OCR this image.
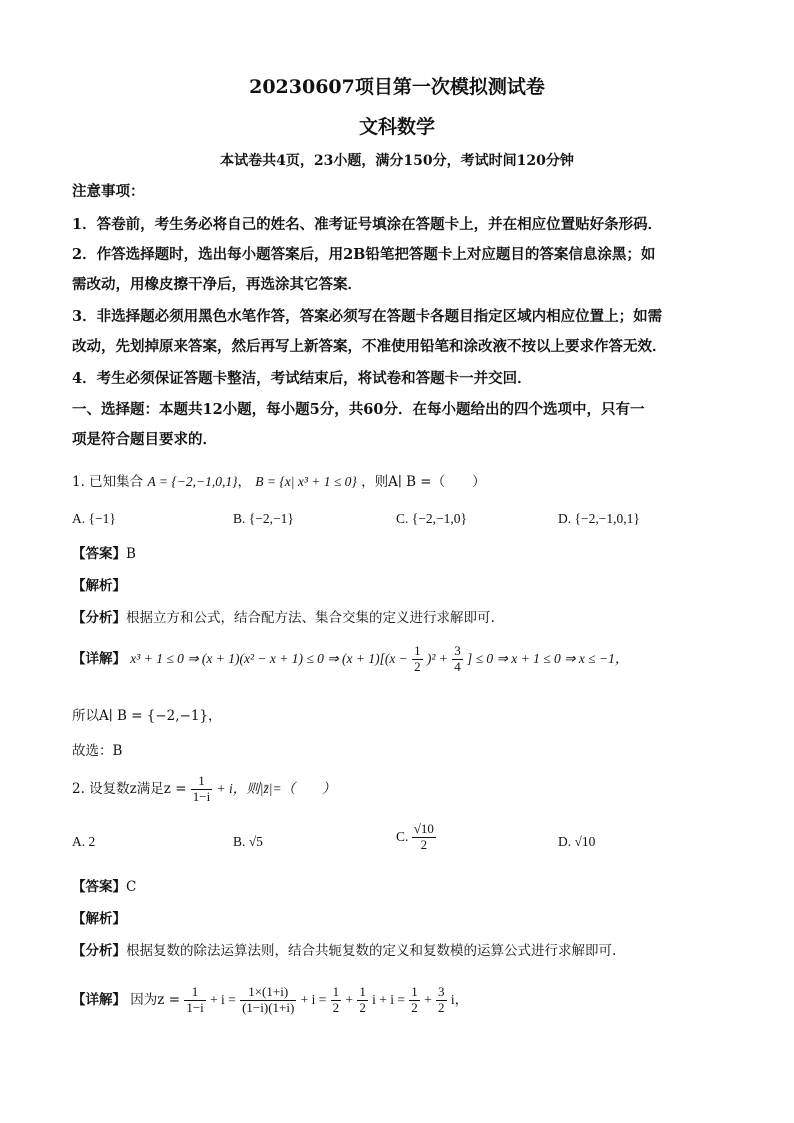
20230607项目第一次模拟测试卷
文科数学
本试卷共4页，23小题，满分150分，考试时间120分钟
注意事项：
1．答卷前，考生务必将自己的姓名、准考证号填涂在答题卡上，并在相应位置贴好条形码．
2．作答选择题时，选出每小题答案后，用2B铅笔把答题卡上对应题目的答案信息涂黑；如
需改动，用橡皮擦干净后，再选涂其它答案．
3．非选择题必须用黑色水笔作答，答案必须写在答题卡各题目指定区域内相应位置上；如需
改动，先划掉原来答案，然后再写上新答案，不准使用铅笔和涂改液不按以上要求作答无效．
4．考生必须保证答题卡整洁，考试结束后，将试卷和答题卡一并交回．
一、选择题：本题共12小题，每小题5分，共60分．在每小题给出的四个选项中，只有一
项是符合题目要求的．
1. 已知集合 A = {−2,−1,0,1}， B = {x| x³ + 1 ≤ 0} ，则A∣ B =（　　）
A. {−1}	B. {−2,−1}	C. {−2,−1,0}	D. {−2,−1,0,1}
【答案】B
【解析】
【分析】根据立方和公式，结合配方法、集合交集的定义进行求解即可.
【详解】 x³ + 1 ≤ 0 ⇒ (x + 1)(x² − x + 1) ≤ 0 ⇒ $(x + 1)[(x - \frac{1}{2} )^2 + \frac{3}{4}$ ] ≤ 0 ⇒ x + 1 ≤ 0 ⇒ x ≤ −1，
所以A∣ B = {−2,−1}，
故选：B
2. 设复数z满足$z = \frac{1}{1-i} + i$，则|z̄|=（　　）
A. 2	B. √5	C. $\frac{√10}{2}$	D. √10
【答案】C
【解析】
【分析】根据复数的除法运算法则，结合共轭复数的定义和复数模的运算公式进行求解即可.
【详解】 因为$z = \frac{1}{1-i} + i = \frac{1\times(1+i)}{(1-i)(1+i)} + i = \frac{1}{2} + \frac{1}{2}$ $i + i = \frac{1}{2} + \frac{3}{2}$ i，
